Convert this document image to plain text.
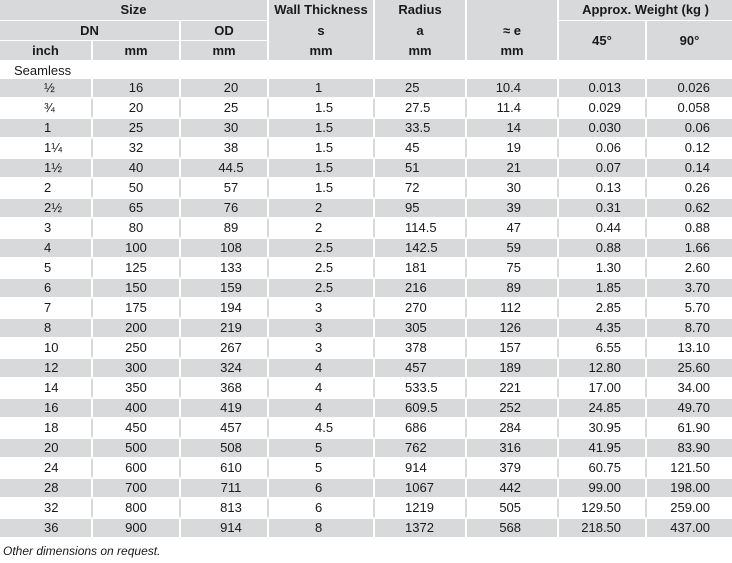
Size			Wall Thickness	Radius		Approx. Weight (kg )	
DN		OD	s	a	≈ e	45°	90°
inch	mm	mm	mm	mm	mm		
Seamless							
½	16	20	1	25	10.4	0.013	0.026
¾	20	25	1.5	27.5	11.4	0.029	0.058
1	25	30	1.5	33.5	14	0.030	0.06
1¼	32	38	1.5	45	19	0.06	0.12
1½	40	44.5	1.5	51	21	0.07	0.14
2	50	57	1.5	72	30	0.13	0.26
2½	65	76	2	95	39	0.31	0.62
3	80	89	2	114.5	47	0.44	0.88
4	100	108	2.5	142.5	59	0.88	1.66
5	125	133	2.5	181	75	1.30	2.60
6	150	159	2.5	216	89	1.85	3.70
7	175	194	3	270	112	2.85	5.70
8	200	219	3	305	126	4.35	8.70
10	250	267	3	378	157	6.55	13.10
12	300	324	4	457	189	12.80	25.60
14	350	368	4	533.5	221	17.00	34.00
16	400	419	4	609.5	252	24.85	49.70
18	450	457	4.5	686	284	30.95	61.90
20	500	508	5	762	316	41.95	83.90
24	600	610	5	914	379	60.75	121.50
28	700	711	6	1067	442	99.00	198.00
32	800	813	6	1219	505	129.50	259.00
36	900	914	8	1372	568	218.50	437.00
Other dimensions on request.							
